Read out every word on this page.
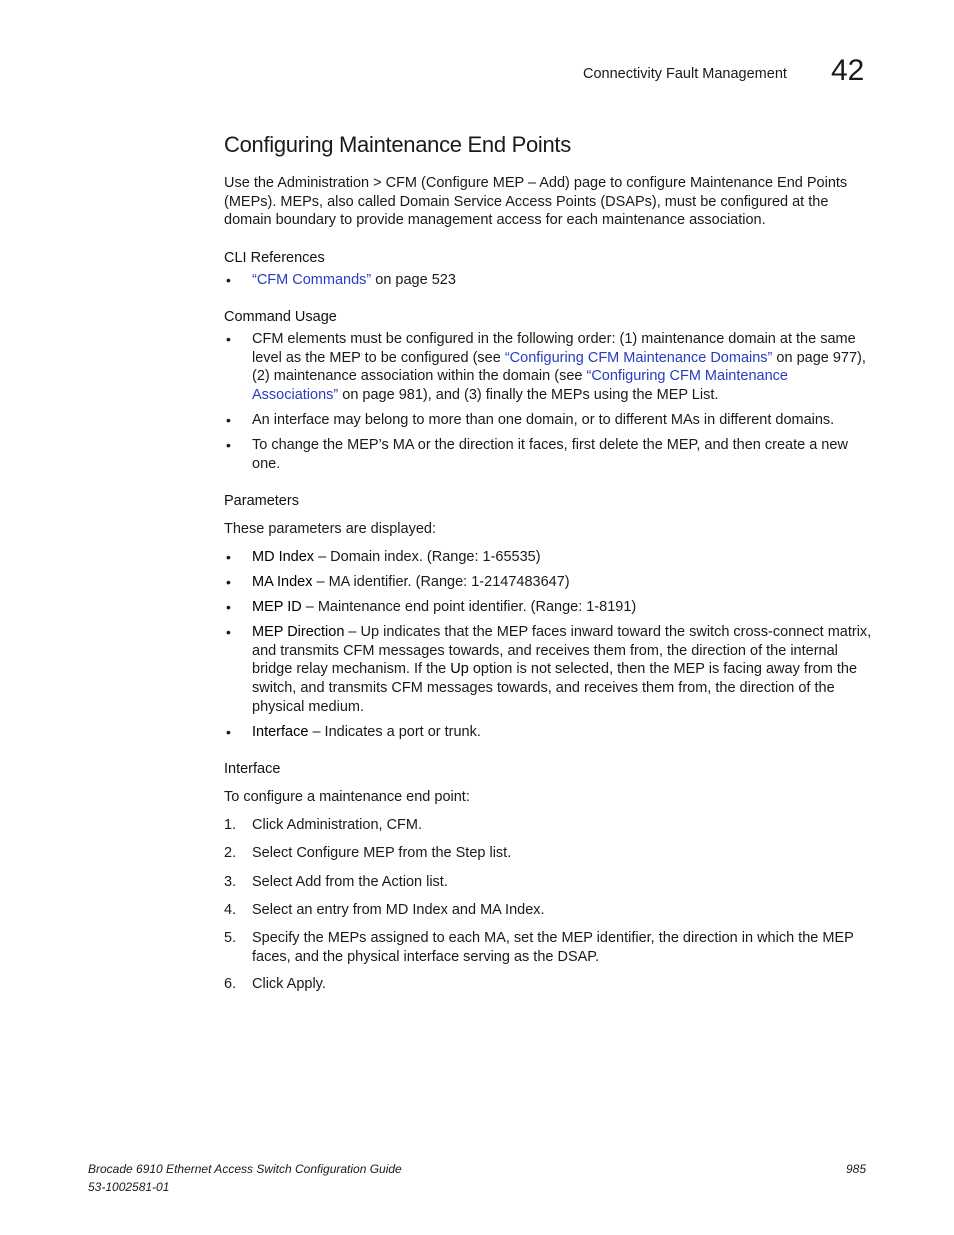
Connectivity Fault Management 42
Configuring Maintenance End Points
Use the Administration > CFM (Configure MEP – Add) page to configure Maintenance End Points (MEPs). MEPs, also called Domain Service Access Points (DSAPs), must be configured at the domain boundary to provide management access for each maintenance association.
CLI References
• “CFM Commands” on page 523
Command Usage
• CFM elements must be configured in the following order: (1) maintenance domain at the same level as the MEP to be configured (see “Configuring CFM Maintenance Domains” on page 977), (2) maintenance association within the domain (see “Configuring CFM Maintenance Associations” on page 981), and (3) finally the MEPs using the MEP List.
• An interface may belong to more than one domain, or to different MAs in different domains.
• To change the MEP’s MA or the direction it faces, first delete the MEP, and then create a new one.
Parameters
These parameters are displayed:
• MD Index – Domain index. (Range: 1-65535)
• MA Index – MA identifier. (Range: 1-2147483647)
• MEP ID – Maintenance end point identifier. (Range: 1-8191)
• MEP Direction – Up indicates that the MEP faces inward toward the switch cross-connect matrix, and transmits CFM messages towards, and receives them from, the direction of the internal bridge relay mechanism. If the Up option is not selected, then the MEP is facing away from the switch, and transmits CFM messages towards, and receives them from, the direction of the physical medium.
• Interface – Indicates a port or trunk.
Interface
To configure a maintenance end point:
1. Click Administration, CFM.
2. Select Configure MEP from the Step list.
3. Select Add from the Action list.
4. Select an entry from MD Index and MA Index.
5. Specify the MEPs assigned to each MA, set the MEP identifier, the direction in which the MEP faces, and the physical interface serving as the DSAP.
6. Click Apply.
Brocade 6910 Ethernet Access Switch Configuration Guide
53-1002581-01
985
